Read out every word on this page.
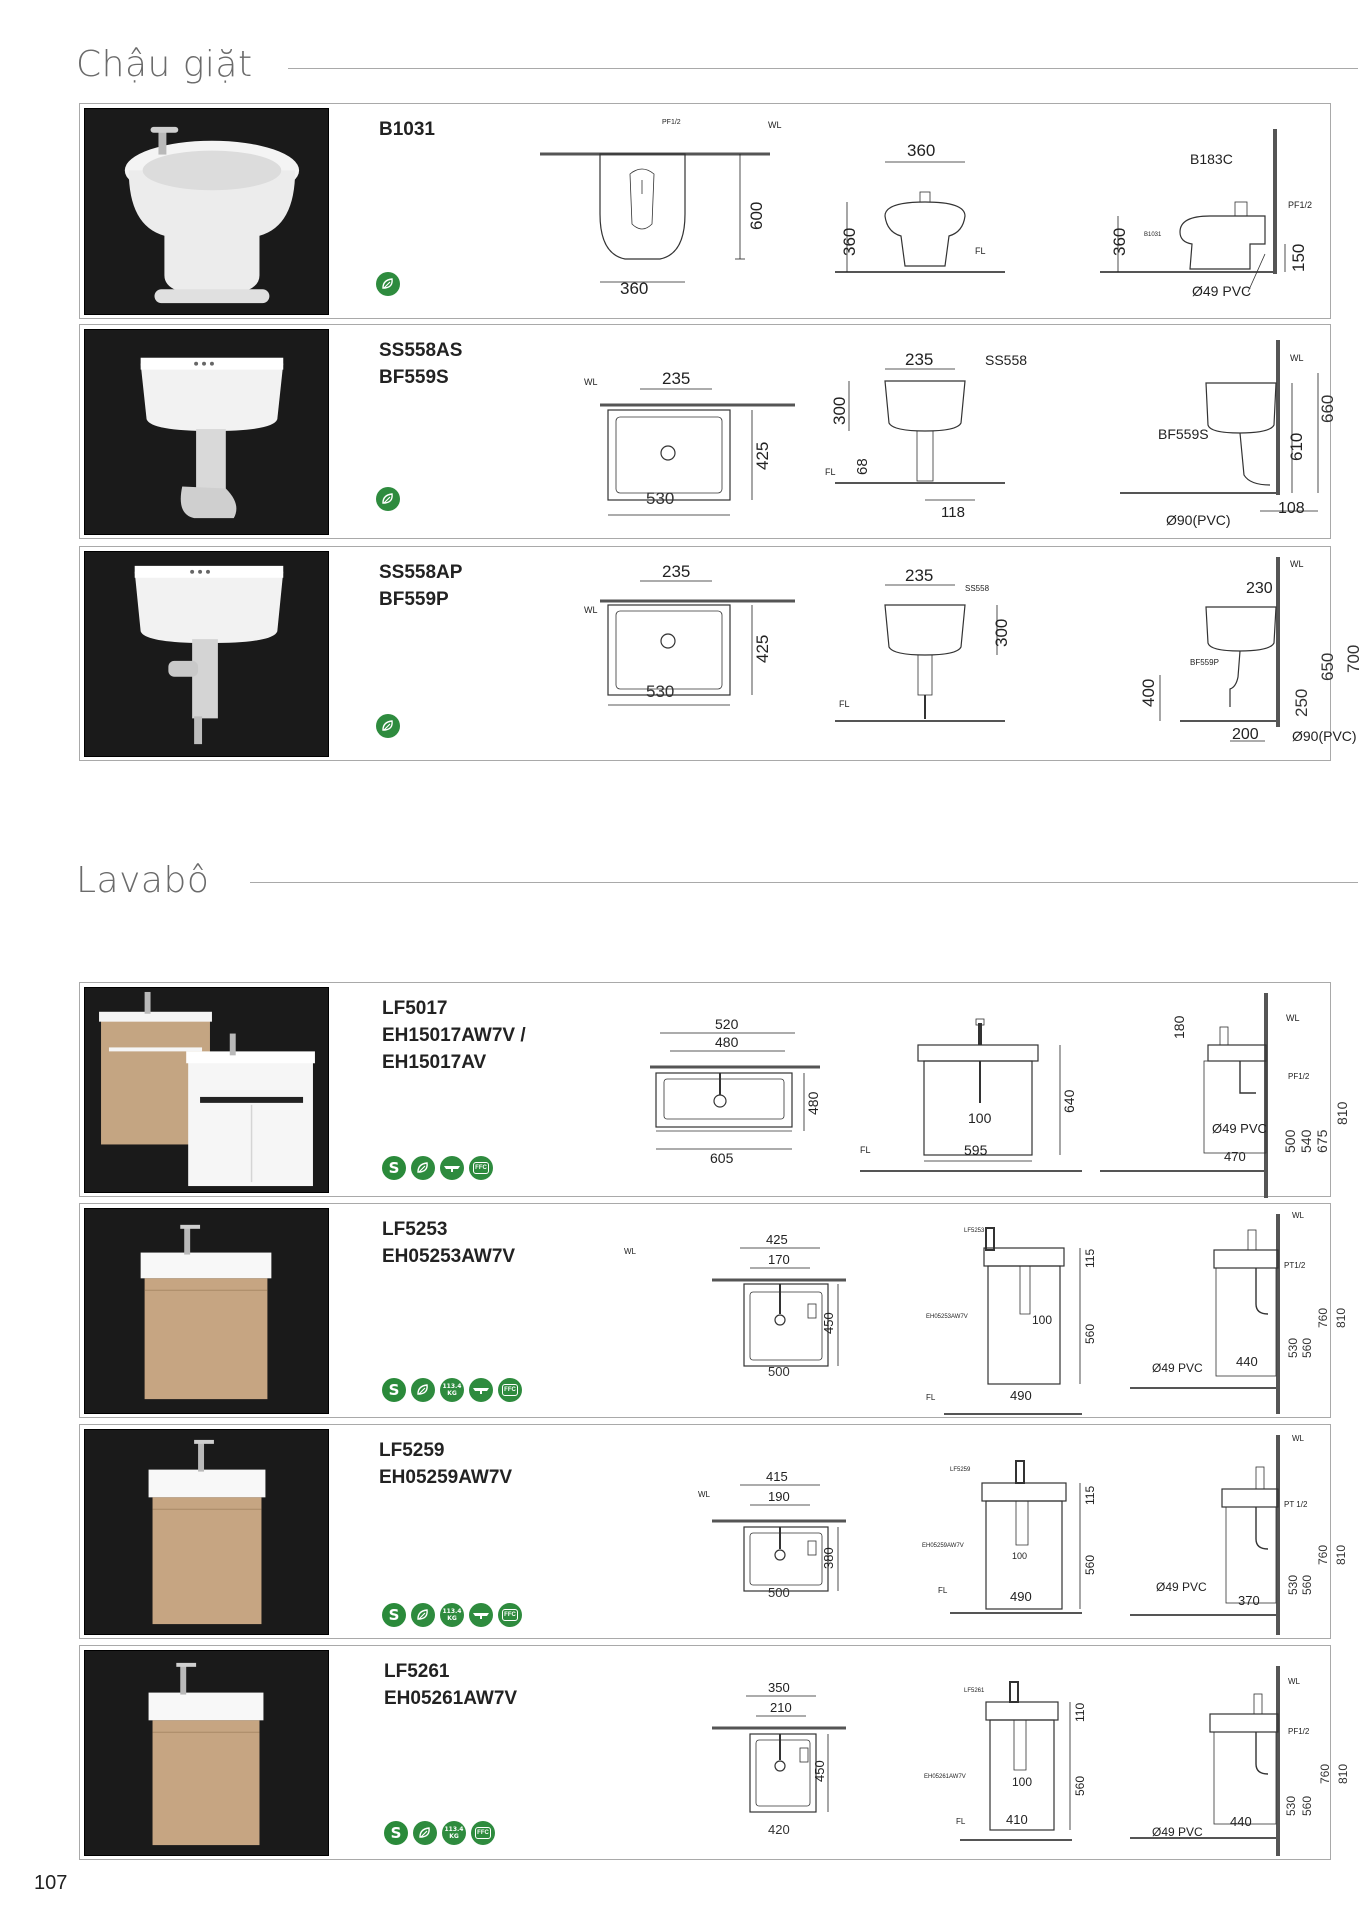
Chậu giặt
B1031	PF1/2	WL
600
360
360
360	FL
B183C
PF1/2
B1031
360
150
Ø49 PVC
SS558AS
BF559S	235
WL
425
530
SS558
235
300
FL 68
118
WL
BF559S	610
108
Ø90(PVC)
660
SS558AP
BF559P
235
WL
425
530
235
SS558
300
FL
WL
230
BF559P
400
200 Ø90(PVC)
250
650 700
Lavabô
LF5017
EH15017AW7V /
EH15017AV
S	FFC
520
480
480
605
100
640
595
FL
WL
180
PF1/2
Ø49 PVC
470
500 540 675
810
LF5253
EH05253AW7V
S	113.4
KG	FFC
WL
425
170
450
500
LF5253
EH05253AW7V	100
115
560
490
FL
WL
PT1/2
Ø49 PVC	440
530 560
760 810
LF5259
EH05259AW7V
S	113.4
KG	FFC
WL
415
190
380
500
LF5259
EH05259AW7V
100
115
560
490
FL
WL
PT 1/2
Ø49 PVC
370
530 560
760 810
LF5261
EH05261AW7V
S	113.4
KG	FFC
350
210
450
420
LF5261
EH05261AW7V	100
110
560
410
FL
WL
PF1/2
Ø49 PVC
440
530 560
760 810
107
